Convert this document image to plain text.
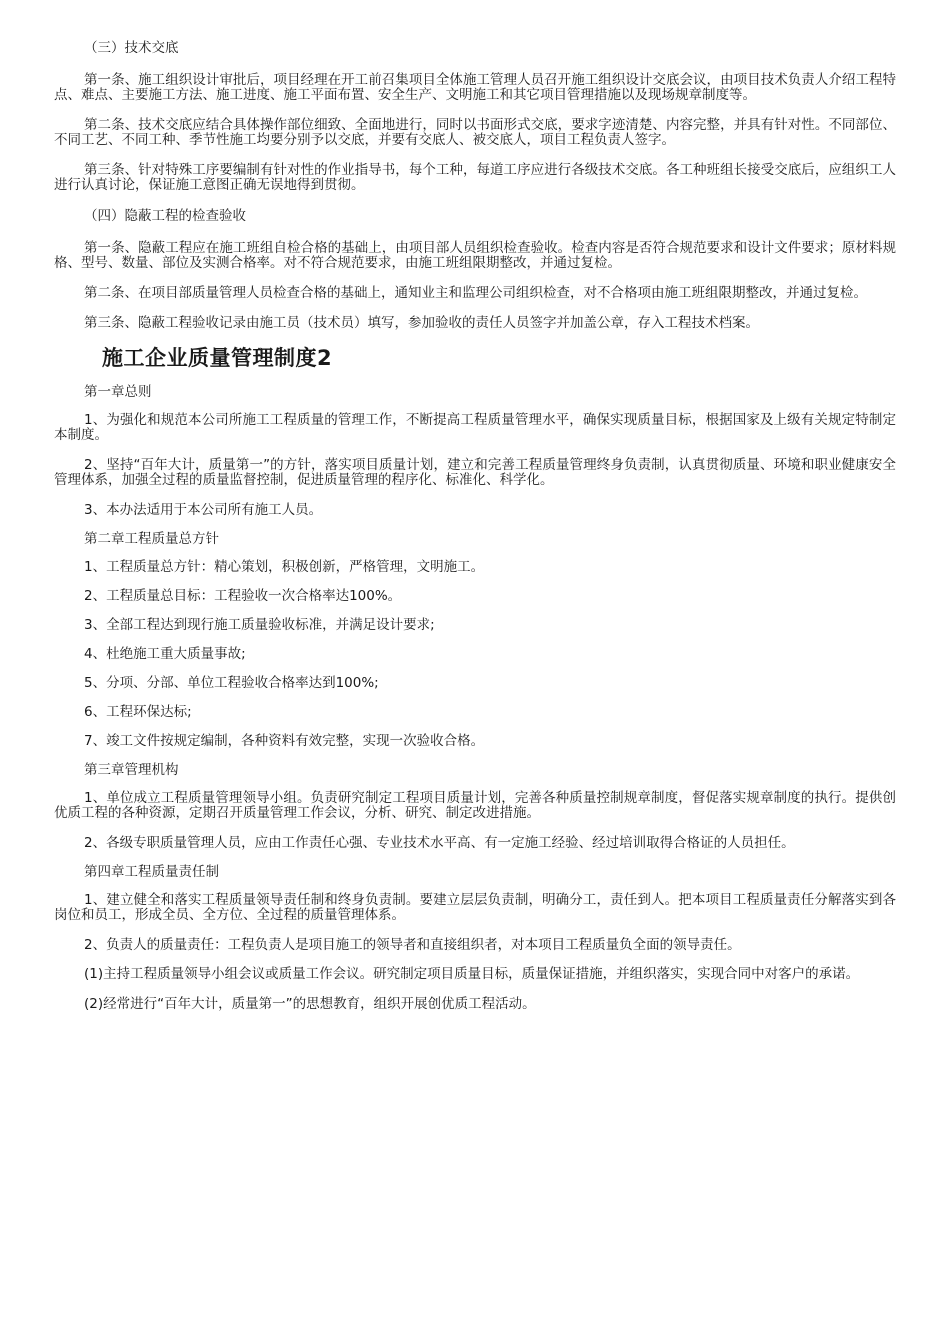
（三）技术交底

第一条、施工组织设计审批后，项目经理在开工前召集项目全体施工管理人员召开施工组织设计交底会议，由项目技术负责人介绍工程特点、难点、主要施工方法、施工进度、施工平面布置、安全生产、文明施工和其它项目管理措施以及现场规章制度等。

第二条、技术交底应结合具体操作部位细致、全面地进行，同时以书面形式交底，要求字迹清楚、内容完整，并具有针对性。不同部位、不同工艺、不同工种、季节性施工均要分别予以交底，并要有交底人、被交底人，项目工程负责人签字。

第三条、针对特殊工序要编制有针对性的作业指导书，每个工种，每道工序应进行各级技术交底。各工种班组长接受交底后，应组织工人进行认真讨论，保证施工意图正确无误地得到贯彻。

（四）隐蔽工程的检查验收

第一条、隐蔽工程应在施工班组自检合格的基础上，由项目部人员组织检查验收。检查内容是否符合规范要求和设计文件要求；原材料规格、型号、数量、部位及实测合格率。对不符合规范要求，由施工班组限期整改，并通过复检。

第二条、在项目部质量管理人员检查合格的基础上，通知业主和监理公司组织检查，对不合格项由施工班组限期整改，并通过复检。

第三条、隐蔽工程验收记录由施工员（技术员）填写，参加验收的责任人员签字并加盖公章，存入工程技术档案。

施工企业质量管理制度2
第一章总则

1、为强化和规范本公司所施工工程质量的管理工作，不断提高工程质量管理水平，确保实现质量目标，根据国家及上级有关规定特制定本制度。

2、坚持“百年大计，质量第一”的方针，落实项目质量计划，建立和完善工程质量管理终身负责制，认真贯彻质量、环境和职业健康安全管理体系，加强全过程的质量监督控制，促进质量管理的程序化、标准化、科学化。

3、本办法适用于本公司所有施工人员。
第二章工程质量总方针
1、工程质量总方针：精心策划，积极创新，严格管理，文明施工。
2、工程质量总目标：工程验收一次合格率达100%。
3、全部工程达到现行施工质量验收标准，并满足设计要求;
4、杜绝施工重大质量事故;
5、分项、分部、单位工程验收合格率达到100%;
6、工程环保达标;
7、竣工文件按规定编制，各种资料有效完整，实现一次验收合格。
第三章管理机构

1、单位成立工程质量管理领导小组。负责研究制定工程项目质量计划，完善各种质量控制规章制度，督促落实规章制度的执行。提供创优质工程的各种资源，定期召开质量管理工作会议，分析、研究、制定改进措施。

2、各级专职质量管理人员，应由工作责任心强、专业技术水平高、有一定施工经验、经过培训取得合格证的人员担任。
第四章工程质量责任制

1、建立健全和落实工程质量领导责任制和终身负责制。要建立层层负责制，明确分工，责任到人。把本项目工程质量责任分解落实到各岗位和员工，形成全员、全方位、全过程的质量管理体系。

2、负责人的质量责任：工程负责人是项目施工的领导者和直接组织者，对本项目工程质量负全面的领导责任。

(1)主持工程质量领导小组会议或质量工作会议。研究制定项目质量目标，质量保证措施，并组织落实，实现合同中对客户的承诺。

(2)经常进行“百年大计，质量第一”的思想教育，组织开展创优质工程活动。
